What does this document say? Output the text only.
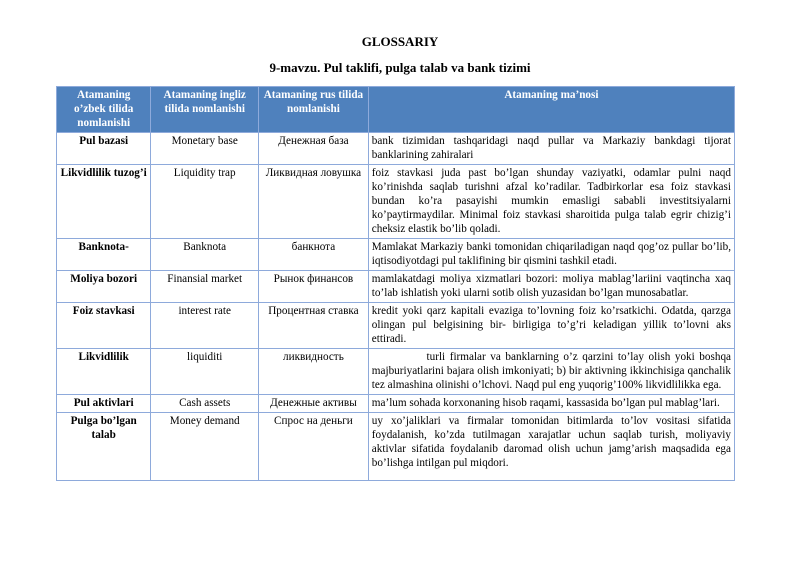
GLOSSARIY
9-mavzu. Pul taklifi, pulga talab va bank tizimi
Atamaning o’zbek tilida nomlanishi	Atamaning ingliz tilida nomlanishi	Atamaning rus tilida nomlanishi	Atamaning ma’nosi
Pul bazasi	Monetary base	Денежная база	bank tizimidan tashqaridagi naqd pullar va Markaziy bankdagi tijorat banklarining zahiralari
Likvidlilik tuzog’i	Liquidity trap	Ликвидная ловушка	foiz stavkasi juda past bo’lgan shunday vaziyatki, odamlar pulni naqd ko’rinishda saqlab turishni afzal ko’radilar. Tadbirkorlar esa foiz stavkasi bundan ko’ra pasayishi mumkin emasligi sababli investitsiyalarni ko’paytirmaydilar. Minimal foiz stavkasi sharoitida pulga talab egrir chizig’i cheksiz elastik bo’lib qoladi.
Banknota-	Banknota	банкнота	Mamlakat Markaziy banki tomonidan chiqariladigan naqd qog’oz pullar bo’lib, iqtisodiyotdagi pul taklifining bir qismini tashkil etadi.
Moliya bozori	Finansial market	Рынок финансов	mamlakatdagi moliya xizmatlari bozori: moliya mablag’lariini vaqtincha xaq to’lab ishlatish yoki ularni sotib olish yuzasidan bo’lgan munosabatlar.
Foiz stavkasi	interest rate	Процентная ставка	kredit yoki qarz kapitali evaziga to’lovning foiz ko’rsatkichi. Odatda, qarzga olingan pul belgisining bir- birligiga to’g’ri keladigan yillik to’lovni aks ettiradi.
Likvidlilik	liquiditi	ликвидность	turli firmalar va banklarning o’z qarzini to’lay olish yoki boshqa majburiyatlarini bajara olish imkoniyati; b) bir aktivning ikkinchisiga qanchalik tez almashina olinishi o’lchovi. Naqd pul eng yuqorig’100% likvidlilikka ega.
Pul aktivlari	Cash assets	Денежные активы	ma’lum sohada korxonaning hisob raqami, kassasida bo’lgan pul mablag’lari.
Pulga bo’lgan talab	Money demand	Спрос на деньги	uy xo’jaliklari va firmalar tomonidan bitimlarda to’lov vositasi sifatida foydalanish, ko’zda tutilmagan xarajatlar uchun saqlab turish, moliyaviy aktivlar sifatida foydalanib daromad olish uchun jamg’arish maqsadida ega bo’lishga intilgan pul miqdori.
